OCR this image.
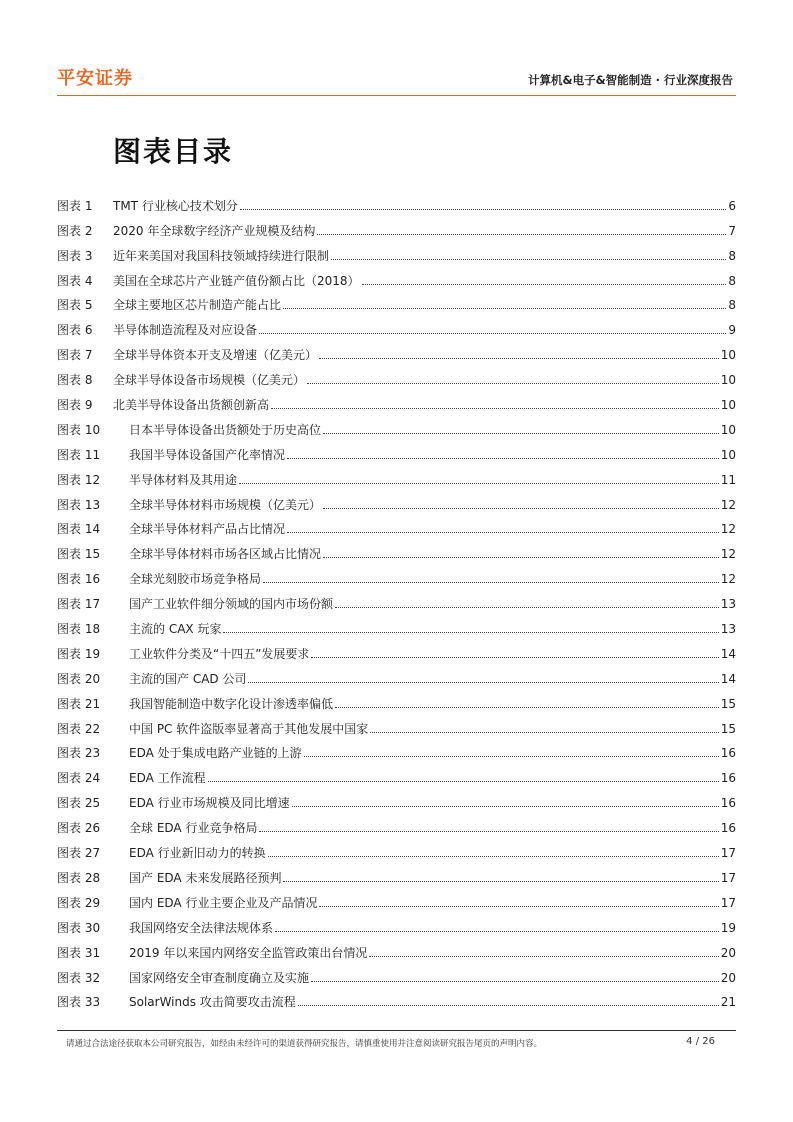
平安证券	计算机&电子&智能制造 · 行业深度报告
图表目录
图表 1	TMT 行业核心技术划分	6
图表 2	2020 年全球数字经济产业规模及结构	7
图表 3	近年来美国对我国科技领域持续进行限制	8
图表 4	美国在全球芯片产业链产值份额占比（2018）	8
图表 5	全球主要地区芯片制造产能占比	8
图表 6	半导体制造流程及对应设备	9
图表 7	全球半导体资本开支及增速（亿美元）	10
图表 8	全球半导体设备市场规模（亿美元）	10
图表 9	北美半导体设备出货额创新高	10
图表 10	日本半导体设备出货额处于历史高位	10
图表 11	我国半导体设备国产化率情况	10
图表 12	半导体材料及其用途	11
图表 13	全球半导体材料市场规模（亿美元）	12
图表 14	全球半导体材料产品占比情况	12
图表 15	全球半导体材料市场各区域占比情况	12
图表 16	全球光刻胶市场竞争格局	12
图表 17	国产工业软件细分领域的国内市场份额	13
图表 18	主流的 CAX 玩家	13
图表 19	工业软件分类及“十四五”发展要求	14
图表 20	主流的国产 CAD 公司	14
图表 21	我国智能制造中数字化设计渗透率偏低	15
图表 22	中国 PC 软件盗版率显著高于其他发展中国家	15
图表 23	EDA 处于集成电路产业链的上游	16
图表 24	EDA 工作流程	16
图表 25	EDA 行业市场规模及同比增速	16
图表 26	全球 EDA 行业竞争格局	16
图表 27	EDA 行业新旧动力的转换	17
图表 28	国产 EDA 未来发展路径预判	17
图表 29	国内 EDA 行业主要企业及产品情况	17
图表 30	我国网络安全法律法规体系	19
图表 31	2019 年以来国内网络安全监管政策出台情况	20
图表 32	国家网络安全审查制度确立及实施	20
图表 33	SolarWinds 攻击简要攻击流程	21
请通过合法途径获取本公司研究报告，如经由未经许可的渠道获得研究报告，请慎重使用并注意阅读研究报告尾页的声明内容。	4 / 26
